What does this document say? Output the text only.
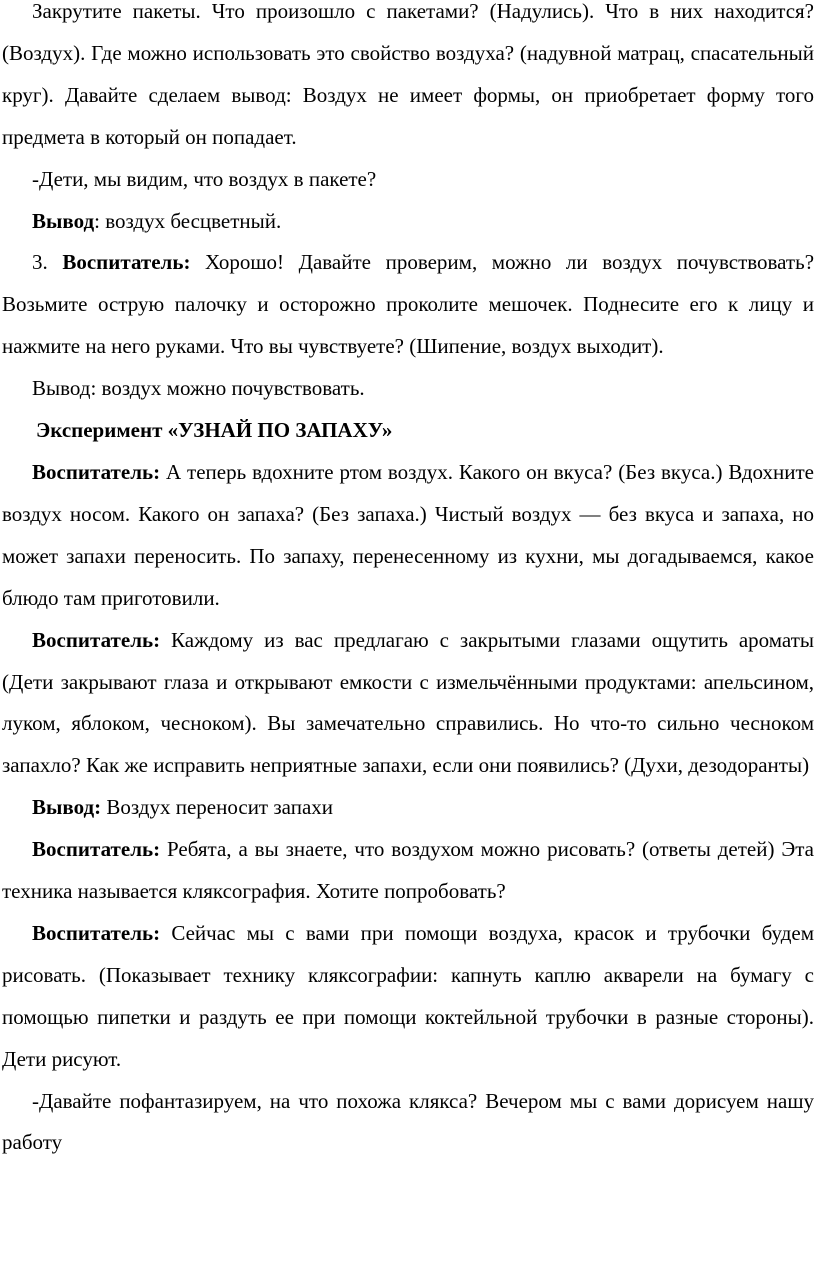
Закрутите пакеты. Что произошло с пакетами? (Надулись). Что в них находится? (Воздух). Где можно использовать это свойство воздуха? (надувной матрац, спасательный круг). Давайте сделаем вывод: Воздух не имеет формы, он приобретает форму того предмета в который он попадает.

-Дети, мы видим, что воздух в пакете?

Вывод: воздух бесцветный.

3. Воспитатель: Хорошо! Давайте проверим, можно ли воздух почувствовать? Возьмите острую палочку и осторожно проколите мешочек. Поднесите его к лицу и нажмите на него руками. Что вы чувствуете? (Шипение, воздух выходит).

Вывод: воздух можно почувствовать.

Эксперимент «УЗНАЙ ПО ЗАПАХУ»

Воспитатель: А теперь вдохните ртом воздух. Какого он вкуса? (Без вкуса.) Вдохните воздух носом. Какого он запаха? (Без запаха.) Чистый воздух — без вкуса и запаха, но может запахи переносить. По запаху, перенесенному из кухни, мы догадываемся, какое блюдо там приготовили.

Воспитатель: Каждому из вас предлагаю с закрытыми глазами ощутить ароматы (Дети закрывают глаза и открывают емкости с измельчёнными продуктами: апельсином, луком, яблоком, чесноком). Вы замечательно справились. Но что-то сильно чесноком запахло? Как же исправить неприятные запахи, если они появились? (Духи, дезодоранты)

Вывод: Воздух переносит запахи

Воспитатель: Ребята, а вы знаете, что воздухом можно рисовать? (ответы детей) Эта техника называется кляксография. Хотите попробовать?

Воспитатель: Сейчас мы с вами при помощи воздуха, красок и трубочки будем рисовать. (Показывает технику кляксографии: капнуть каплю акварели на бумагу с помощью пипетки и раздуть ее при помощи коктейльной трубочки в разные стороны). Дети рисуют.

-Давайте пофантазируем, на что похожа клякса? Вечером мы с вами дорисуем нашу работу
